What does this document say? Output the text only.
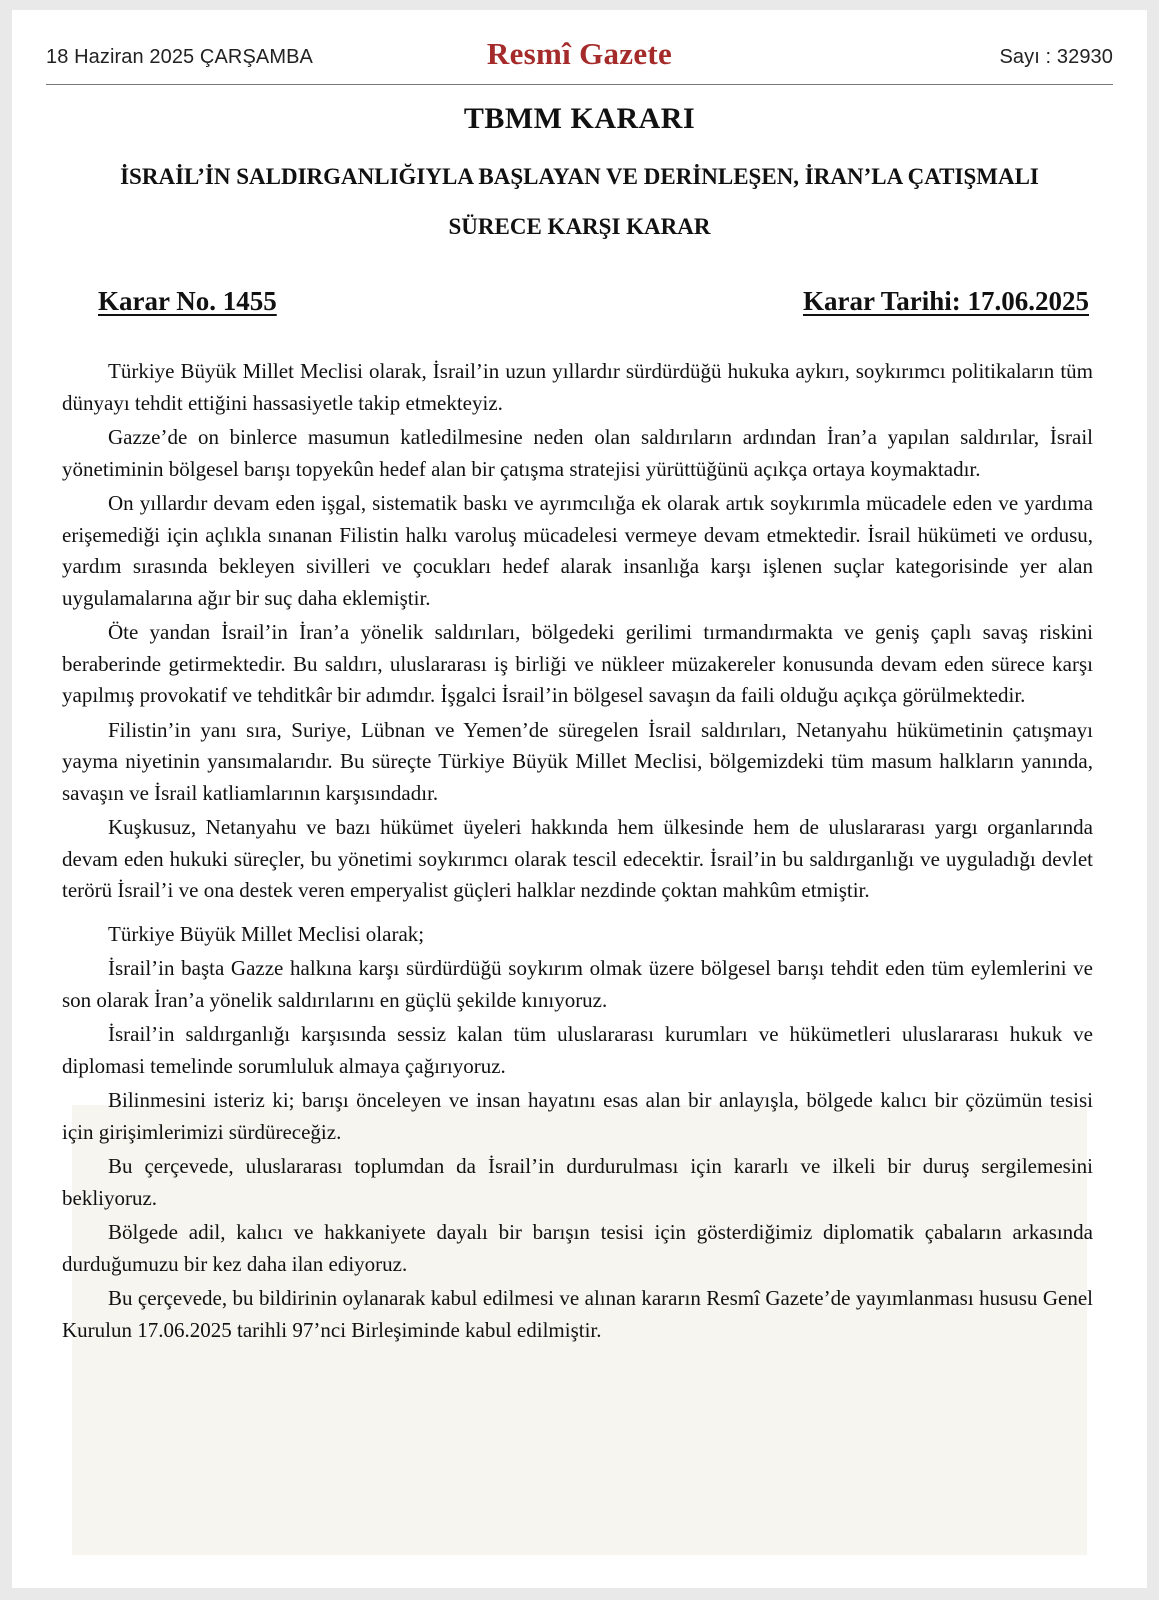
18 Haziran 2025 ÇARŞAMBA	Resmî Gazete	Sayı : 32930
TBMM KARARI
İSRAİL’İN SALDIRGANLIĞIYLA BAŞLAYAN VE DERİNLEŞEN, İRAN’LA ÇATIŞMALI SÜRECE KARŞI KARAR
Karar No. 1455	Karar Tarihi: 17.06.2025

Türkiye Büyük Millet Meclisi olarak, İsrail’in uzun yıllardır sürdürdüğü hukuka aykırı, soykırımcı politikaların tüm dünyayı tehdit ettiğini hassasiyetle takip etmekteyiz.

Gazze’de on binlerce masumun katledilmesine neden olan saldırıların ardından İran’a yapılan saldırılar, İsrail yönetiminin bölgesel barışı topyekûn hedef alan bir çatışma stratejisi yürüttüğünü açıkça ortaya koymaktadır.

On yıllardır devam eden işgal, sistematik baskı ve ayrımcılığa ek olarak artık soykırımla mücadele eden ve yardıma erişemediği için açlıkla sınanan Filistin halkı varoluş mücadelesi vermeye devam etmektedir. İsrail hükümeti ve ordusu, yardım sırasında bekleyen sivilleri ve çocukları hedef alarak insanlığa karşı işlenen suçlar kategorisinde yer alan uygulamalarına ağır bir suç daha eklemiştir.

Öte yandan İsrail’in İran’a yönelik saldırıları, bölgedeki gerilimi tırmandırmakta ve geniş çaplı savaş riskini beraberinde getirmektedir. Bu saldırı, uluslararası iş birliği ve nükleer müzakereler konusunda devam eden sürece karşı yapılmış provokatif ve tehditkâr bir adımdır. İşgalci İsrail’in bölgesel savaşın da faili olduğu açıkça görülmektedir.

Filistin’in yanı sıra, Suriye, Lübnan ve Yemen’de süregelen İsrail saldırıları, Netanyahu hükümetinin çatışmayı yayma niyetinin yansımalarıdır. Bu süreçte Türkiye Büyük Millet Meclisi, bölgemizdeki tüm masum halkların yanında, savaşın ve İsrail katliamlarının karşısındadır.

Kuşkusuz, Netanyahu ve bazı hükümet üyeleri hakkında hem ülkesinde hem de uluslararası yargı organlarında devam eden hukuki süreçler, bu yönetimi soykırımcı olarak tescil edecektir. İsrail’in bu saldırganlığı ve uyguladığı devlet terörü İsrail’i ve ona destek veren emperyalist güçleri halklar nezdinde çoktan mahkûm etmiştir.

Türkiye Büyük Millet Meclisi olarak;

İsrail’in başta Gazze halkına karşı sürdürdüğü soykırım olmak üzere bölgesel barışı tehdit eden tüm eylemlerini ve son olarak İran’a yönelik saldırılarını en güçlü şekilde kınıyoruz.

İsrail’in saldırganlığı karşısında sessiz kalan tüm uluslararası kurumları ve hükümetleri uluslararası hukuk ve diplomasi temelinde sorumluluk almaya çağırıyoruz.

Bilinmesini isteriz ki; barışı önceleyen ve insan hayatını esas alan bir anlayışla, bölgede kalıcı bir çözümün tesisi için girişimlerimizi sürdüreceğiz.

Bu çerçevede, uluslararası toplumdan da İsrail’in durdurulması için kararlı ve ilkeli bir duruş sergilemesini bekliyoruz.

Bölgede adil, kalıcı ve hakkaniyete dayalı bir barışın tesisi için gösterdiğimiz diplomatik çabaların arkasında durduğumuzu bir kez daha ilan ediyoruz.

Bu çerçevede, bu bildirinin oylanarak kabul edilmesi ve alınan kararın Resmî Gazete’de yayımlanması hususu Genel Kurulun 17.06.2025 tarihli 97’nci Birleşiminde kabul edilmiştir.
